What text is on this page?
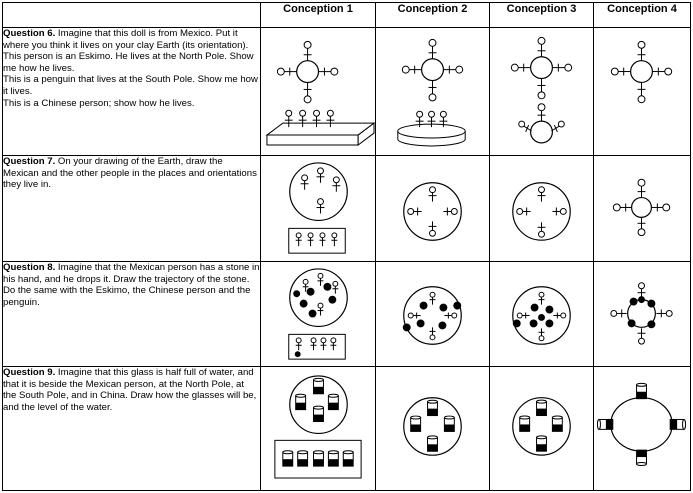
	Conception 1	Conception 2	Conception 3	Conception 4

Question 6. Imagine that this doll is from Mexico. Put it where you think it lives on your clay Earth (its orientation).

This person is an Eskimo. He lives at the North Pole. Show me how he lives.

This is a penguin that lives at the South Pole. Show me how it lives.

This is a Chinese person; show how he lives.

Question 7. On your drawing of the Earth, draw the Mexican and the other people in the places and orientations they live in.

Question 8. Imagine that the Mexican person has a stone in his hand, and he drops it. Draw the trajectory of the stone. Do the same with the Eskimo, the Chinese person and the penguin.

Question 9. Imagine that this glass is half full of water, and that it is beside the Mexican person, at the North Pole, at the South Pole, and in China. Draw how the glasses will be, and the level of the water.
